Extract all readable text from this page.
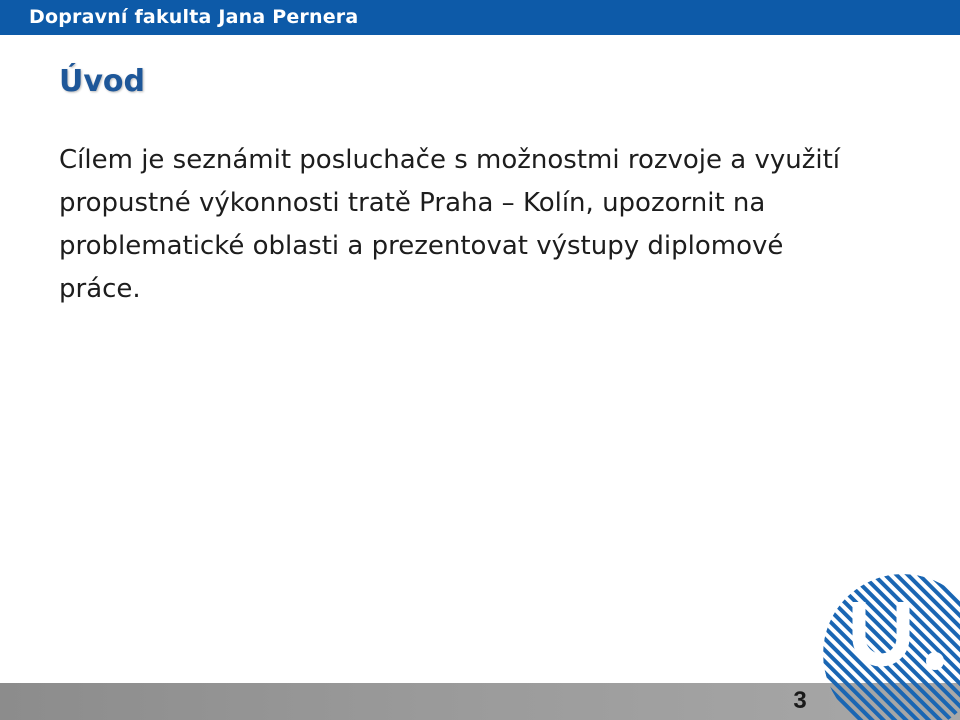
Dopravní fakulta Jana Pernera
Úvod

Cílem je seznámit posluchače s možnostmi rozvoje a využití propustné výkonnosti tratě Praha – Kolín, upozornit na problematické oblasti a prezentovat výstupy diplomové práce.

3
